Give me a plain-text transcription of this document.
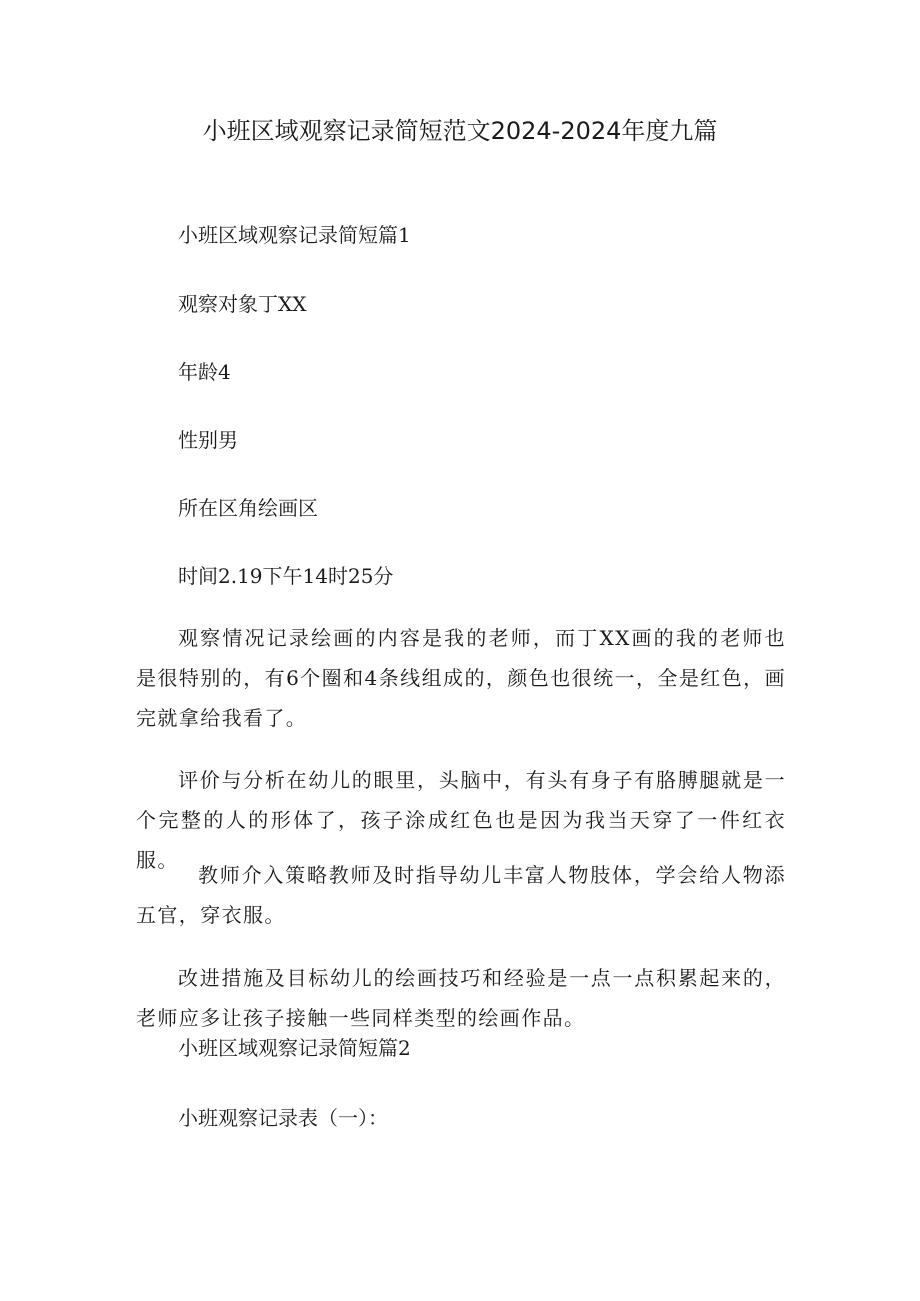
小班区域观察记录简短范文2024-2024年度九篇
小班区域观察记录简短篇1
观察对象丁XX
年龄4
性别男
所在区角绘画区
时间2.19下午14时25分
观察情况记录绘画的内容是我的老师，而丁XX画的我的老师也是很特别的，有6个圈和4条线组成的，颜色也很统一，全是红色，画完就拿给我看了。
评价与分析在幼儿的眼里，头脑中，有头有身子有胳膊腿就是一个完整的人的形体了，孩子涂成红色也是因为我当天穿了一件红衣服。
教师介入策略教师及时指导幼儿丰富人物肢体，学会给人物添五官，穿衣服。
改进措施及目标幼儿的绘画技巧和经验是一点一点积累起来的，老师应多让孩子接触一些同样类型的绘画作品。
小班区域观察记录简短篇2
小班观察记录表（一）：
